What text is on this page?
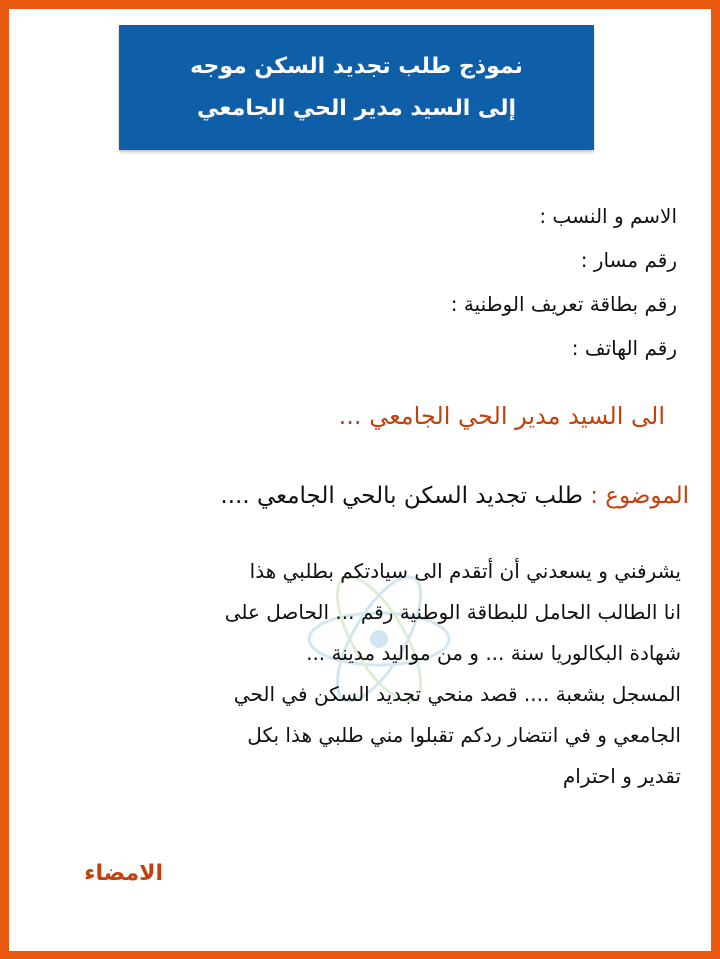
نموذج طلب تجديد السكن موجه
إلى السيد مدير الحي الجامعي
الاسم و النسب :
رقم مسار :
رقم بطاقة تعريف الوطنية :
رقم الهاتف :
الى السيد مدير الحي الجامعي ...
الموضوع : طلب تجديد السكن بالحي الجامعي ....
يشرفني و يسعدني أن أتقدم الى سيادتكم بطلبي هذا
انا الطالب الحامل للبطاقة الوطنية رقم ... الحاصل على
شهادة البكالوريا سنة ... و من مواليد مدينة ...
المسجل بشعبة .... قصد منحي تجديد السكن في الحي
الجامعي و في انتضار ردكم تقبلوا مني طلبي هذا بكل
تقدير و احترام
الامضاء
